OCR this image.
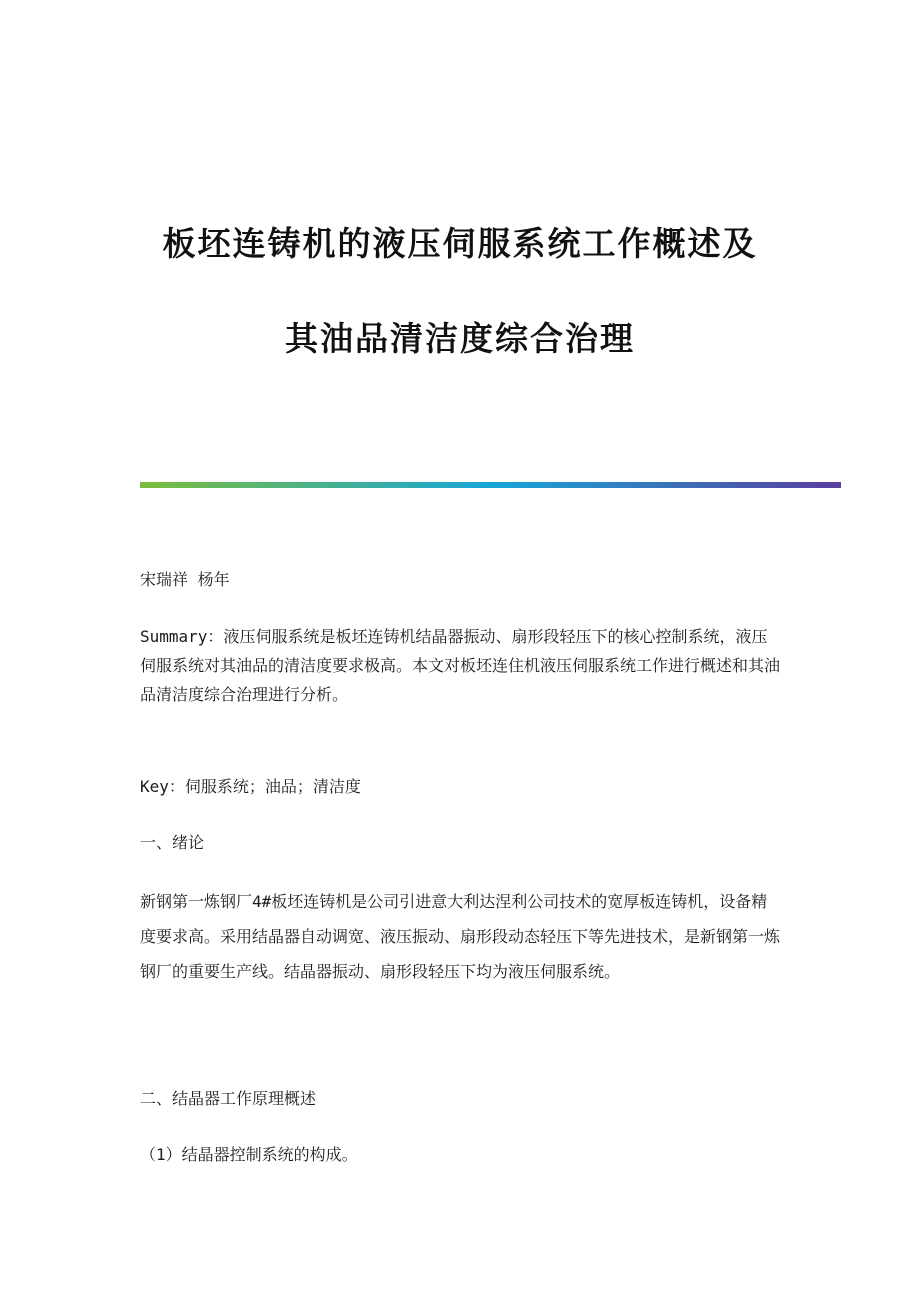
板坯连铸机的液压伺服系统工作概述及
其油品清洁度综合治理
宋瑞祥 杨年
Summary：液压伺服系统是板坯连铸机结晶器振动、扇形段轻压下的核心控制系统，液压伺服系统对其油品的清洁度要求极高。本文对板坯连住机液压伺服系统工作进行概述和其油品清洁度综合治理进行分析。
Key：伺服系统；油品；清洁度
一、绪论
新钢第一炼钢厂4#板坯连铸机是公司引进意大利达涅利公司技术的宽厚板连铸机，设备精度要求高。采用结晶器自动调宽、液压振动、扇形段动态轻压下等先进技术，是新钢第一炼钢厂的重要生产线。结晶器振动、扇形段轻压下均为液压伺服系统。
二、结晶器工作原理概述
（1）结晶器控制系统的构成。
